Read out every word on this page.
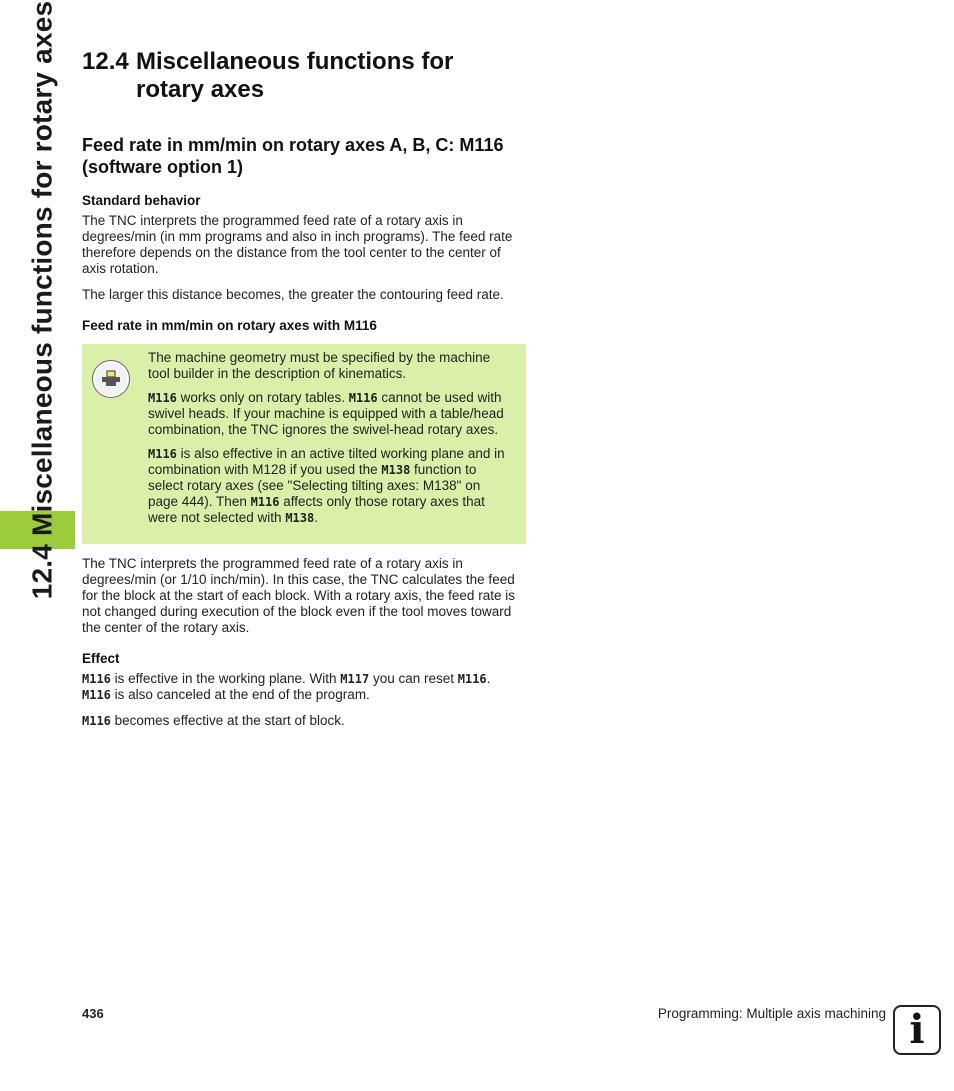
12.4 Miscellaneous functions for rotary axes 12.4 Miscellaneous functions for rotary axes
Feed rate in mm/min on rotary axes A, B, C: M116 (software option 1)
Standard behavior

The TNC interprets the programmed feed rate of a rotary axis in degrees/min (in mm programs and also in inch programs). The feed rate therefore depends on the distance from the tool center to the center of axis rotation.

The larger this distance becomes, the greater the contouring feed rate.

Feed rate in mm/min on rotary axes with M116

The machine geometry must be specified by the machine tool builder in the description of kinematics.

M116 works only on rotary tables. M116 cannot be used with swivel heads. If your machine is equipped with a table/head combination, the TNC ignores the swivel-head rotary axes.

M116 is also effective in an active tilted working plane and in combination with M128 if you used the M138 function to select rotary axes (see "Selecting tilting axes: M138" on page 444). Then M116 affects only those rotary axes that were not selected with M138.

The TNC interprets the programmed feed rate of a rotary axis in degrees/min (or 1/10 inch/min). In this case, the TNC calculates the feed for the block at the start of each block. With a rotary axis, the feed rate is not changed during execution of the block even if the tool moves toward the center of the rotary axis.

Effect

M116 is effective in the working plane. With M117 you can reset M116.
M116 is also canceled at the end of the program.

M116 becomes effective at the start of block.

436	Programming: Multiple axis machining i
